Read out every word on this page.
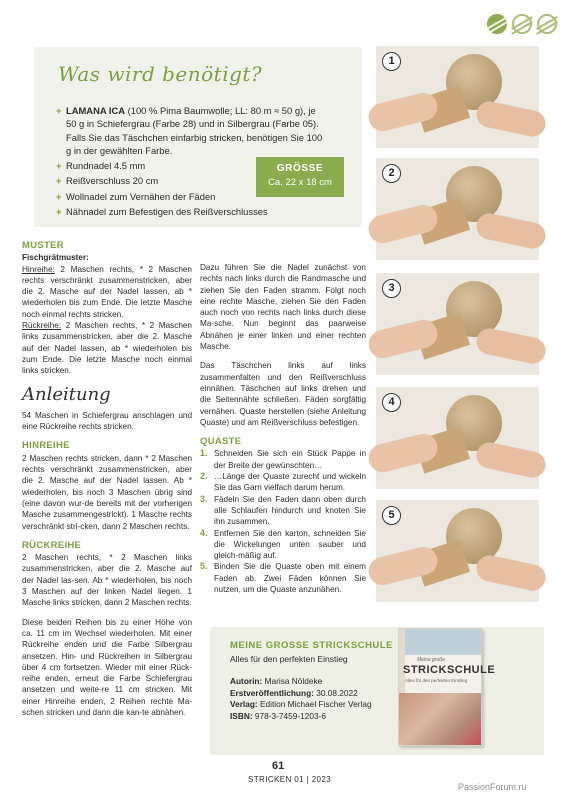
Was wird benötigt?
+ LAMANA ICA (100 % Pima Baumwolle; LL: 80 m ≈ 50 g), je 50 g in Schiefergrau (Farbe 28) und in Silbergrau (Farbe 05). Falls Sie das Täschchen einfarbig stricken, benötigen Sie 100 g in der gewählten Farbe.
+ Rundnadel 4.5 mm
+ Reißverschluss 20 cm
+ Wollnadel zum Vernähen der Fäden
+ Nähnadel zum Befestigen des Reißverschlusses
GRÖSSE
Ca. 22 x 18 cm
MUSTER
Fischgrätmuster:
Hinreihe: 2 Maschen rechts, * 2 Maschen rechts verschränkt zusammenstricken, aber die 2. Masche auf der Nadel lassen, ab * wiederholen bis zum Ende. Die letzte Masche noch einmal rechts stricken.
Rückreihe: 2 Maschen rechts, * 2 Maschen links zusammenstricken, aber die 2. Masche auf der Nadel lassen, ab * wiederholen bis zum Ende. Die letzte Masche noch einmal links stricken.
Anleitung
54 Maschen in Schiefergrau anschlagen und eine Rückreihe rechts stricken.
HINREIHE
2 Maschen rechts stricken, dann * 2 Maschen rechts verschränkt zusammenstricken, aber die 2. Masche auf der Nadel lassen. Ab * wiederholen, bis noch 3 Maschen übrig sind (eine davon wur-de bereits mit der vorherigen Masche zusammengestrickt). 1 Masche rechts verschränkt stri-cken, dann 2 Maschen rechts.
RÜCKREIHE
2 Maschen rechts, * 2 Maschen links zusammenstricken, aber die 2. Masche auf der Nadel las-sen. Ab * wiederholen, bis noch 3 Maschen auf der linken Nadel liegen. 1 Masche links stricken, dann 2 Maschen rechts.
Diese beiden Reihen bis zu einer Höhe von ca. 11 cm im Wechsel wiederholen. Mit einer Rückreihe enden und die Farbe Silbergrau ansetzen. Hin- und Rückreihen in Silbergrau über 4 cm fortsetzen. Wieder mit einer Rück-reihe enden, erneut die Farbe Schiefergrau ansetzen und weite-re 11 cm stricken. Mit einer Hinreihe enden, 2 Reihen rechte Ma-schen stricken und dann die kan-te abnähen.
Dazu führen Sie die Nadel zunächst von rechts nach links durch die Randmasche und ziehen Sie den Faden stramm. Folgt noch eine rechte Masche, ziehen Sie den Faden auch noch von rechts nach links durch diese Ma-sche. Nun beginnt das paarweise Abnähen je einer linken und einer rechten Masche.
Das Täschchen links auf links zusammenfalten und den Reißverschluss einnähen. Täschchen auf links drehen und die Seitennähte schließen. Fäden sorgfältig vernähen. Quaste herstellen (siehe Anleitung Quaste) und am Reißverschluss befestigen.
QUASTE
1. Schneiden Sie sich ein Stück Pappe in der Breite der gewünschten…
2. …Länge der Quaste zurecht und wickeln Sie das Garn vielfach darum herum.
3. Fädeln Sie den Faden dann oben durch alle Schlaufen hindurch und knoten Sie ihn zusammen.
4. Entfernen Sie den karton, schneiden Sie die Wickelungen unten sauber und gleich-mäßig auf.
5. Binden Sie die Quaste oben mit einem Faden ab. Zwei Fäden können Sie nutzen, um die Quaste anzunähen.
1
2
3
4
5
MEINE GROSSE STRICKSCHULE
Alles für den perfekten Einstieg
Autorin: Marisa Nöldeke
Erstveröffentlichung: 30.08.2022
Verlag: Edition Michael Fischer Verlag
ISBN: 978-3-7459-1203-6
Meine große
STRICKSCHULE
Alles für den perfekten Einstieg
61
STRICKEN 01 | 2023
PassionForum.ru
